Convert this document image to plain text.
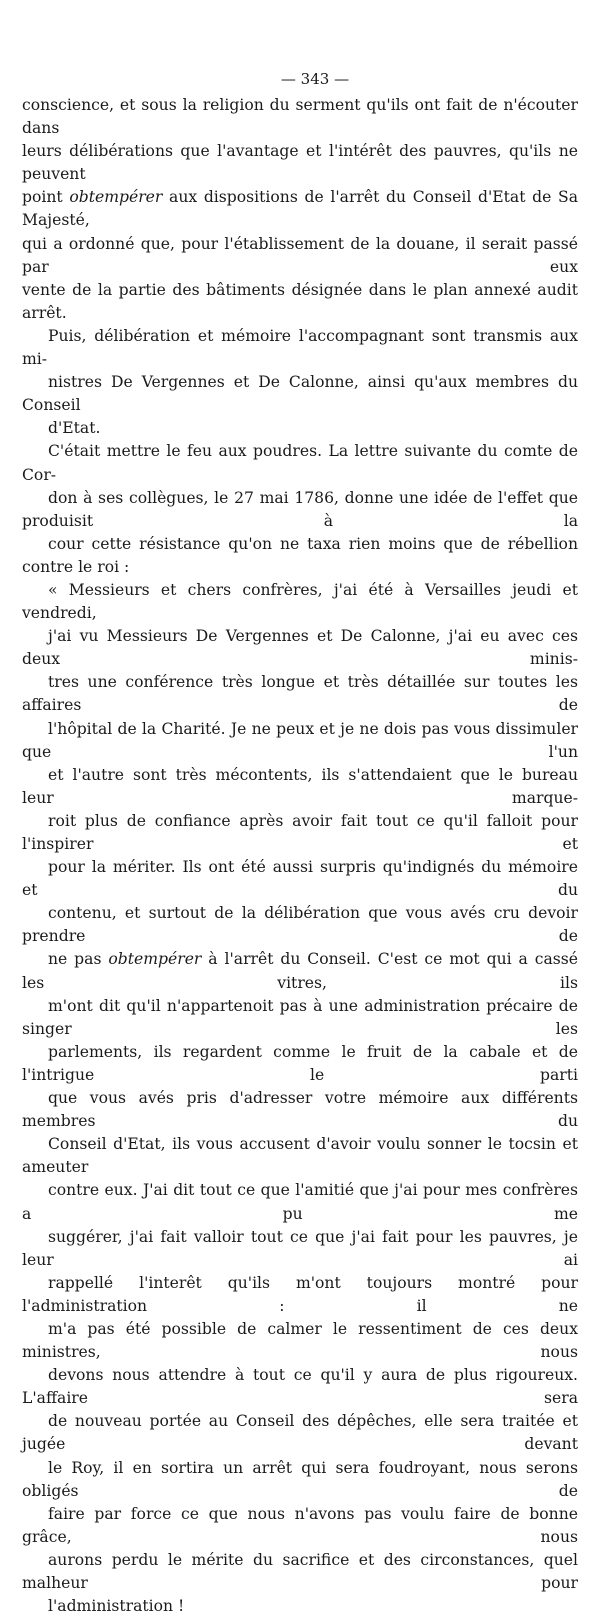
— 343 —

conscience, et sous la religion du serment qu'ils ont fait de n'écouter dans
leurs délibérations que l'avantage et l'intérêt des pauvres, qu'ils ne peuvent
point obtempérer aux dispositions de l'arrêt du Conseil d'Etat de Sa Majesté,
qui a ordonné que, pour l'établissement de la douane, il serait passé par eux
vente de la partie des bâtiments désignée dans le plan annexé audit arrêt.

Puis, délibération et mémoire l'accompagnant sont transmis aux mi-
nistres De Vergennes et De Calonne, ainsi qu'aux membres du Conseil
d'Etat.

C'était mettre le feu aux poudres. La lettre suivante du comte de Cor-
don à ses collègues, le 27 mai 1786, donne une idée de l'effet que produisit à la
cour cette résistance qu'on ne taxa rien moins que de rébellion contre le roi :

« Messieurs et chers confrères, j'ai été à Versailles jeudi et vendredi,
j'ai vu Messieurs De Vergennes et De Calonne, j'ai eu avec ces deux minis-
tres une conférence très longue et très détaillée sur toutes les affaires de
l'hôpital de la Charité. Je ne peux et je ne dois pas vous dissimuler que l'un
et l'autre sont très mécontents, ils s'attendaient que le bureau leur marque-
roit plus de confiance après avoir fait tout ce qu'il falloit pour l'inspirer et
pour la mériter. Ils ont été aussi surpris qu'indignés du mémoire et du
contenu, et surtout de la délibération que vous avés cru devoir prendre de
ne pas obtempérer à l'arrêt du Conseil. C'est ce mot qui a cassé les vitres, ils
m'ont dit qu'il n'appartenoit pas à une administration précaire de singer les
parlements, ils regardent comme le fruit de la cabale et de l'intrigue le parti
que vous avés pris d'adresser votre mémoire aux différents membres du
Conseil d'Etat, ils vous accusent d'avoir voulu sonner le tocsin et ameuter
contre eux. J'ai dit tout ce que l'amitié que j'ai pour mes confrères a pu me
suggérer, j'ai fait valloir tout ce que j'ai fait pour les pauvres, je leur ai
rappellé l'interêt qu'ils m'ont toujours montré pour l'administration : il ne
m'a pas été possible de calmer le ressentiment de ces deux ministres, nous
devons nous attendre à tout ce qu'il y aura de plus rigoureux. L'affaire sera
de nouveau portée au Conseil des dépêches, elle sera traitée et jugée devant
le Roy, il en sortira un arrêt qui sera foudroyant, nous serons obligés de
faire par force ce que nous n'avons pas voulu faire de bonne grâce, nous
aurons perdu le mérite du sacrifice et des circonstances, quel malheur pour
l'administration !
